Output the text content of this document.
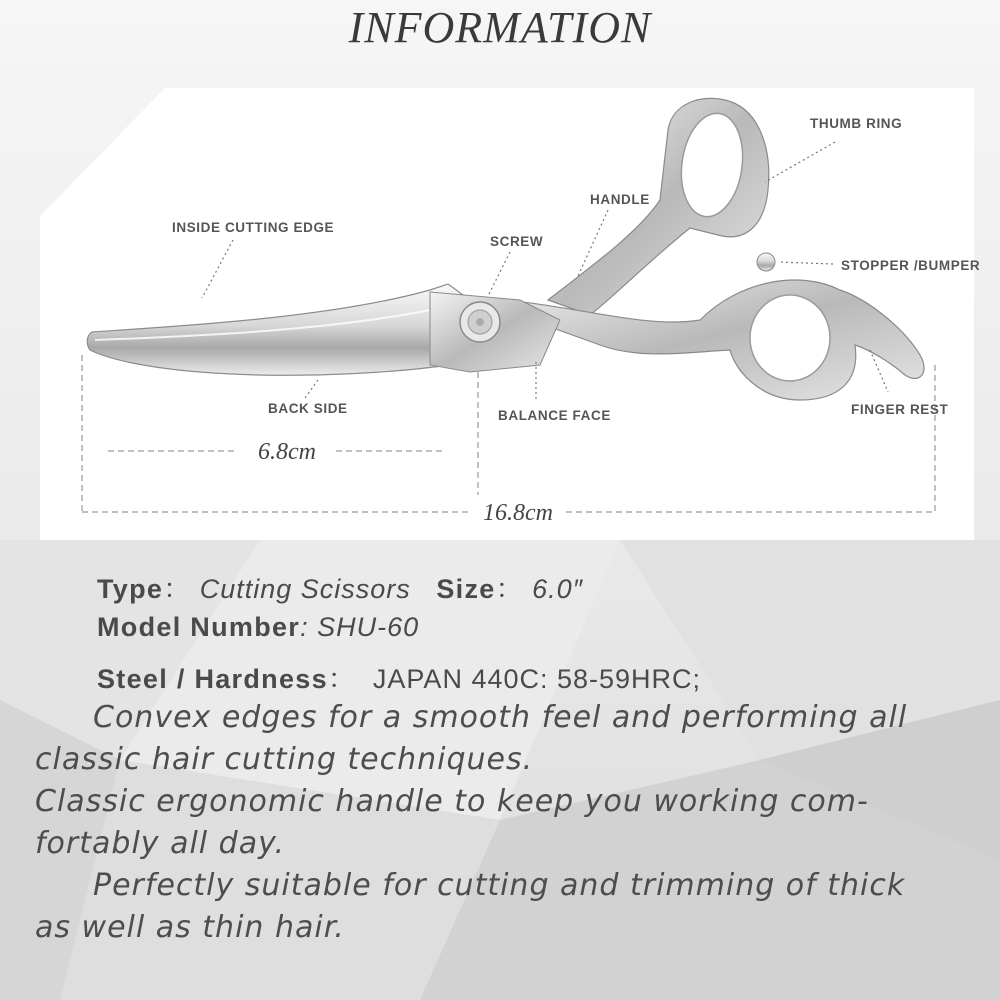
INFORMATION
THUMB RING
HANDLE
INSIDE CUTTING EDGE
SCREW
STOPPER /BUMPER
BACK SIDE	BALANCE FACE	FINGER REST
6.8cm
16.8cm
Type： Cutting Scissors Size： 6.0″
Model Number: SHU-60
Steel / Hardness： JAPAN 440C: 58-59HRC;
Convex edges for a smooth feel and performing all
classic hair cutting techniques.
Classic ergonomic handle to keep you working com-
fortably all day.
Perfectly suitable for cutting and trimming of thick
as well as thin hair.
